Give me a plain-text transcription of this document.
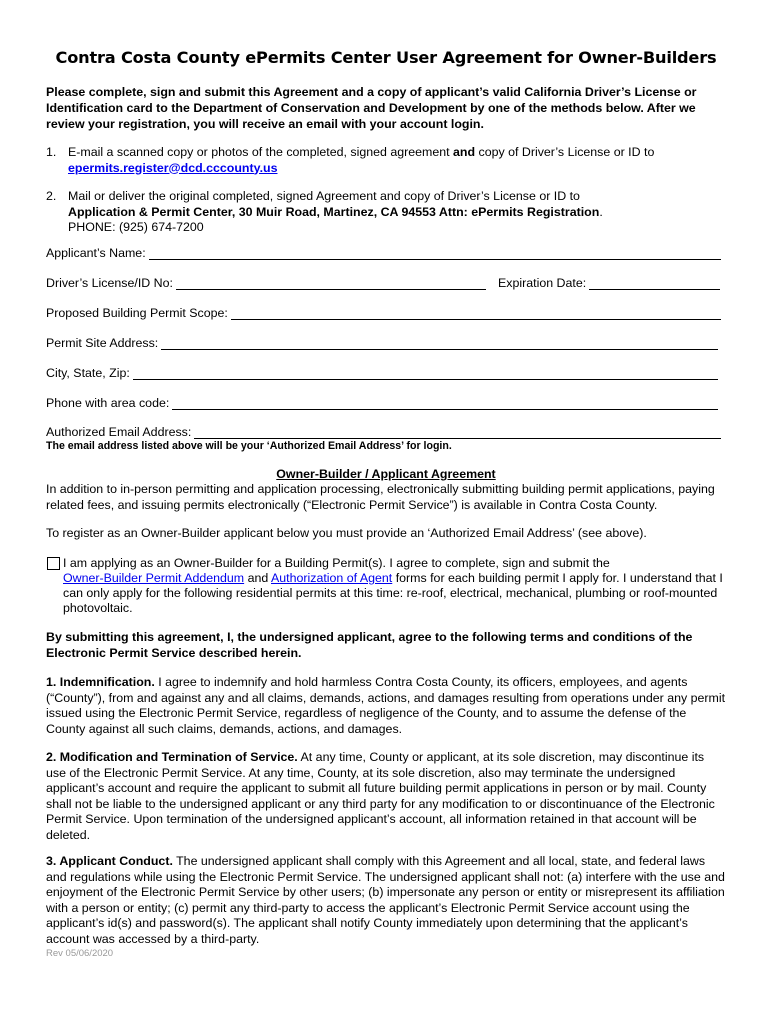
Contra Costa County ePermits Center User Agreement for Owner-Builders
Please complete, sign and submit this Agreement and a copy of applicant’s valid California Driver’s License or Identification card to the Department of Conservation and Development by one of the methods below. After we review your registration, you will receive an email with your account login.
1. E-mail a scanned copy or photos of the completed, signed agreement and copy of Driver’s License or ID to
epermits.register@dcd.cccounty.us
2. Mail or deliver the original completed, signed Agreement and copy of Driver’s License or ID to
Application & Permit Center, 30 Muir Road, Martinez, CA 94553 Attn: ePermits Registration.
PHONE: (925) 674-7200
Applicant’s Name:
Driver’s License/ID No:	Expiration Date:
Proposed Building Permit Scope:
Permit Site Address:
City, State, Zip:
Phone with area code:
Authorized Email Address:
The email address listed above will be your ‘Authorized Email Address’ for login.
Owner-Builder / Applicant Agreement
In addition to in-person permitting and application processing, electronically submitting building permit applications, paying related fees, and issuing permits electronically (“Electronic Permit Service”) is available in Contra Costa County.
To register as an Owner-Builder applicant below you must provide an ‘Authorized Email Address’ (see above).
I am applying as an Owner-Builder for a Building Permit(s). I agree to complete, sign and submit the
Owner-Builder Permit Addendum and Authorization of Agent forms for each building permit I apply for. I understand that I can only apply for the following residential permits at this time: re-roof, electrical, mechanical, plumbing or roof-mounted photovoltaic.
By submitting this agreement, I, the undersigned applicant, agree to the following terms and conditions of the Electronic Permit Service described herein.
1. Indemnification. I agree to indemnify and hold harmless Contra Costa County, its officers, employees, and agents (“County”), from and against any and all claims, demands, actions, and damages resulting from operations under any permit issued using the Electronic Permit Service, regardless of negligence of the County, and to assume the defense of the County against all such claims, demands, actions, and damages.
2. Modification and Termination of Service. At any time, County or applicant, at its sole discretion, may discontinue its use of the Electronic Permit Service. At any time, County, at its sole discretion, also may terminate the undersigned applicant’s account and require the applicant to submit all future building permit applications in person or by mail. County shall not be liable to the undersigned applicant or any third party for any modification to or discontinuance of the Electronic Permit Service. Upon termination of the undersigned applicant’s account, all information retained in that account will be deleted.
3. Applicant Conduct. The undersigned applicant shall comply with this Agreement and all local, state, and federal laws and regulations while using the Electronic Permit Service. The undersigned applicant shall not: (a) interfere with the use and enjoyment of the Electronic Permit Service by other users; (b) impersonate any person or entity or misrepresent its affiliation with a person or entity; (c) permit any third-party to access the applicant’s Electronic Permit Service account using the applicant’s id(s) and password(s). The applicant shall notify County immediately upon determining that the applicant’s account was accessed by a third-party.
Rev 05/06/2020
